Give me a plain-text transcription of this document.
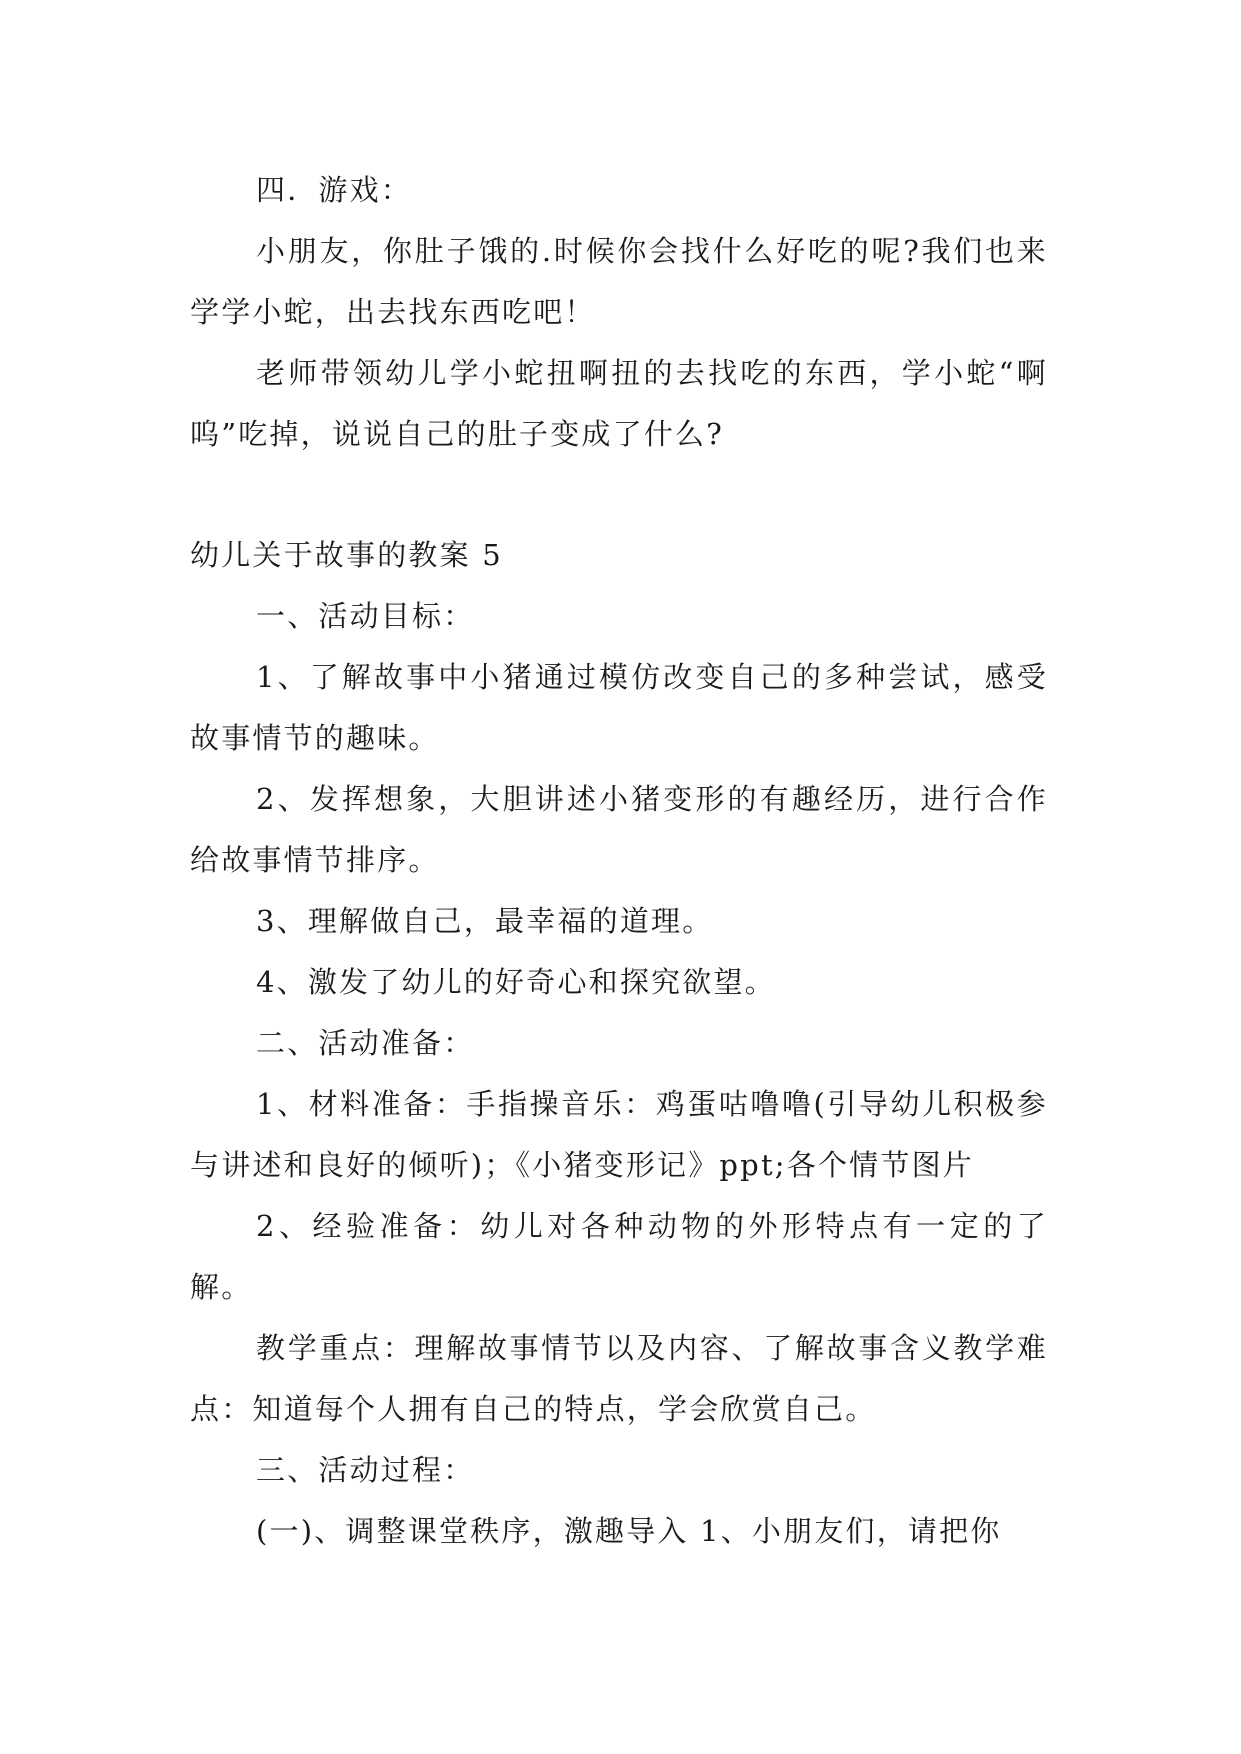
四．游戏：

小朋友，你肚子饿的.时候你会找什么好吃的呢?我们也来学学小蛇，出去找东西吃吧！

老师带领幼儿学小蛇扭啊扭的去找吃的东西，学小蛇“啊呜”吃掉，说说自己的肚子变成了什么?

幼儿关于故事的教案 5

一、活动目标：

1、了解故事中小猪通过模仿改变自己的多种尝试，感受故事情节的趣味。

2、发挥想象，大胆讲述小猪变形的有趣经历，进行合作给故事情节排序。

3、理解做自己，最幸福的道理。

4、激发了幼儿的好奇心和探究欲望。

二、活动准备：

1、材料准备：手指操音乐：鸡蛋咕噜噜(引导幼儿积极参与讲述和良好的倾听)；《小猪变形记》ppt;各个情节图片

2、经验准备：幼儿对各种动物的外形特点有一定的了解。

教学重点：理解故事情节以及内容、了解故事含义教学难点：知道每个人拥有自己的特点，学会欣赏自己。

三、活动过程：

(一)、调整课堂秩序，激趣导入 1、小朋友们，请把你
